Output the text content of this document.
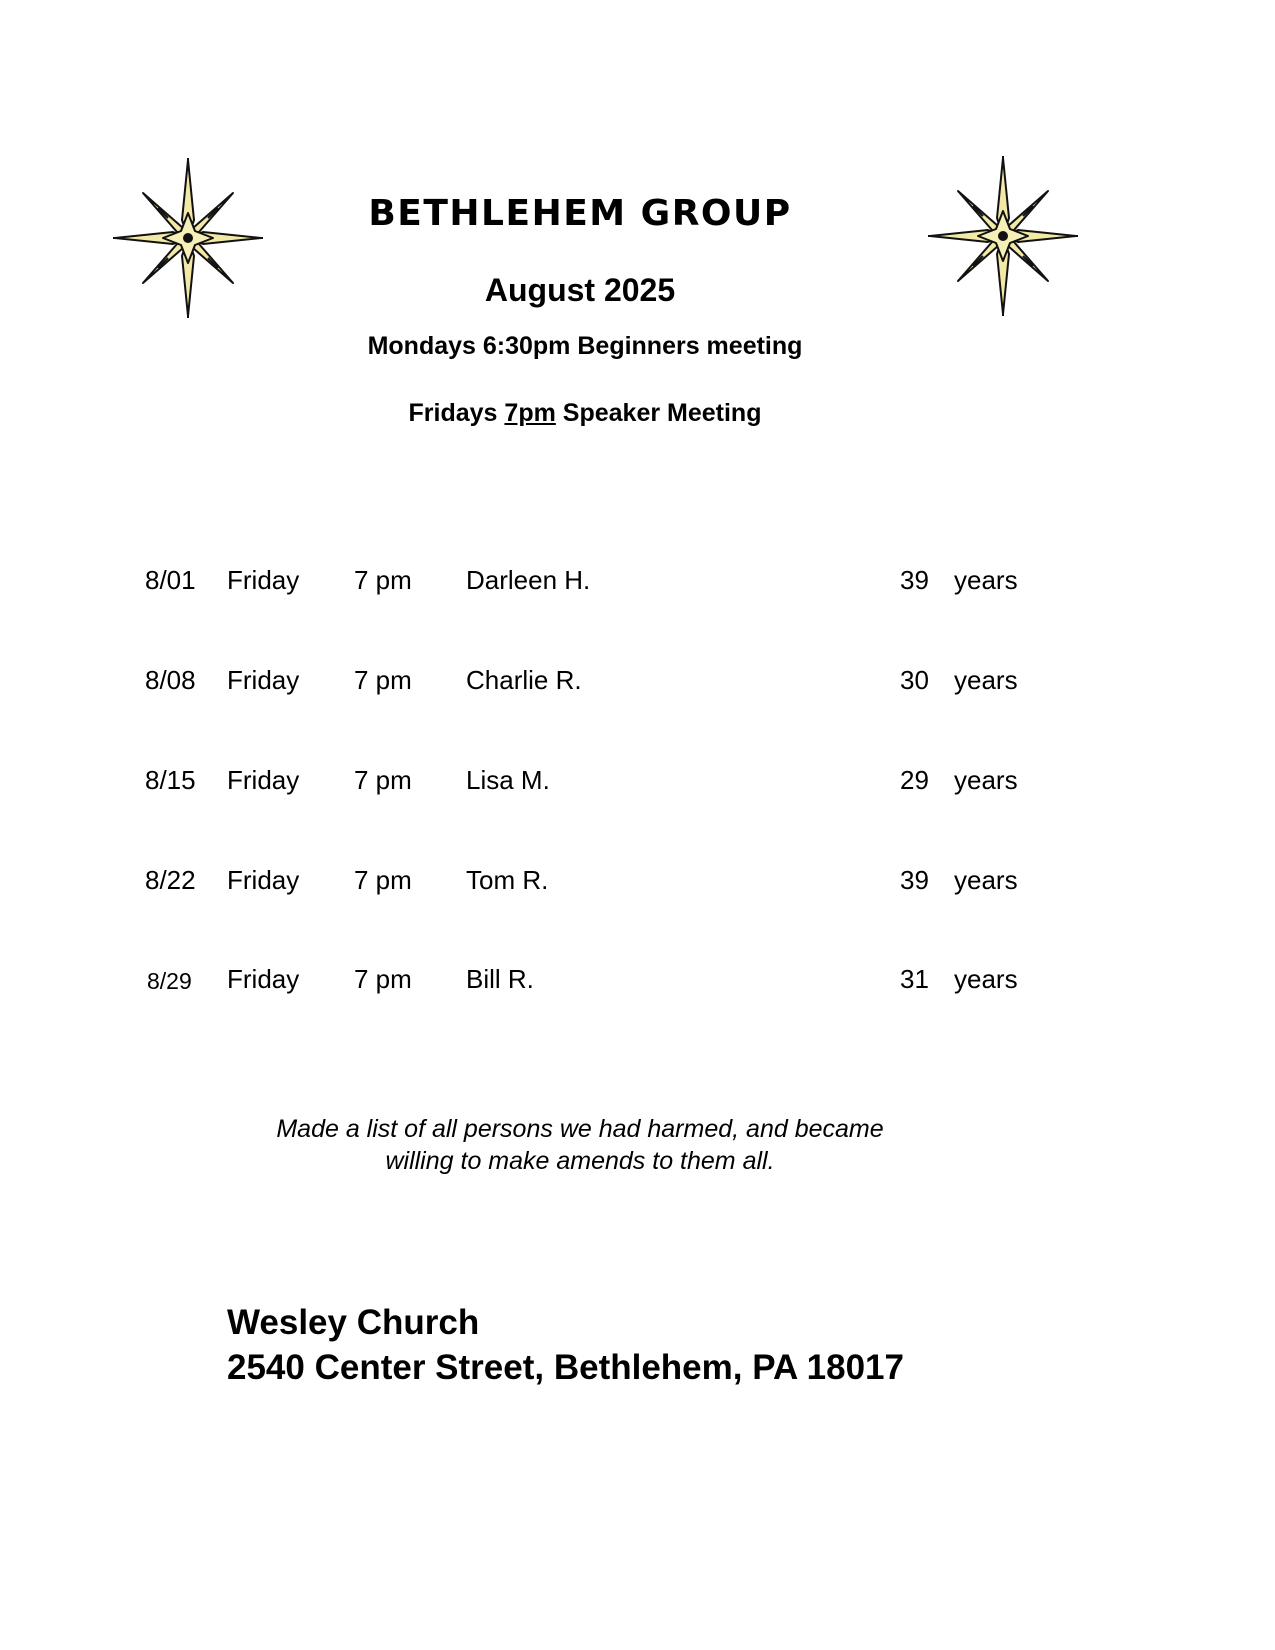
BETHLEHEM GROUP
August 2025
Mondays 6:30pm Beginners meeting
Fridays 7pm Speaker Meeting
8/01 Friday 7 pm Darleen H.	39 years
8/08 Friday 7 pm Charlie R.	30 years
8/15 Friday 7 pm Lisa M.	29 years
8/22 Friday 7 pm Tom R.	39 years
8/29 Friday 7 pm Bill R.	31 years
Made a list of all persons we had harmed, and became
willing to make amends to them all.
Wesley Church
2540 Center Street, Bethlehem, PA 18017
